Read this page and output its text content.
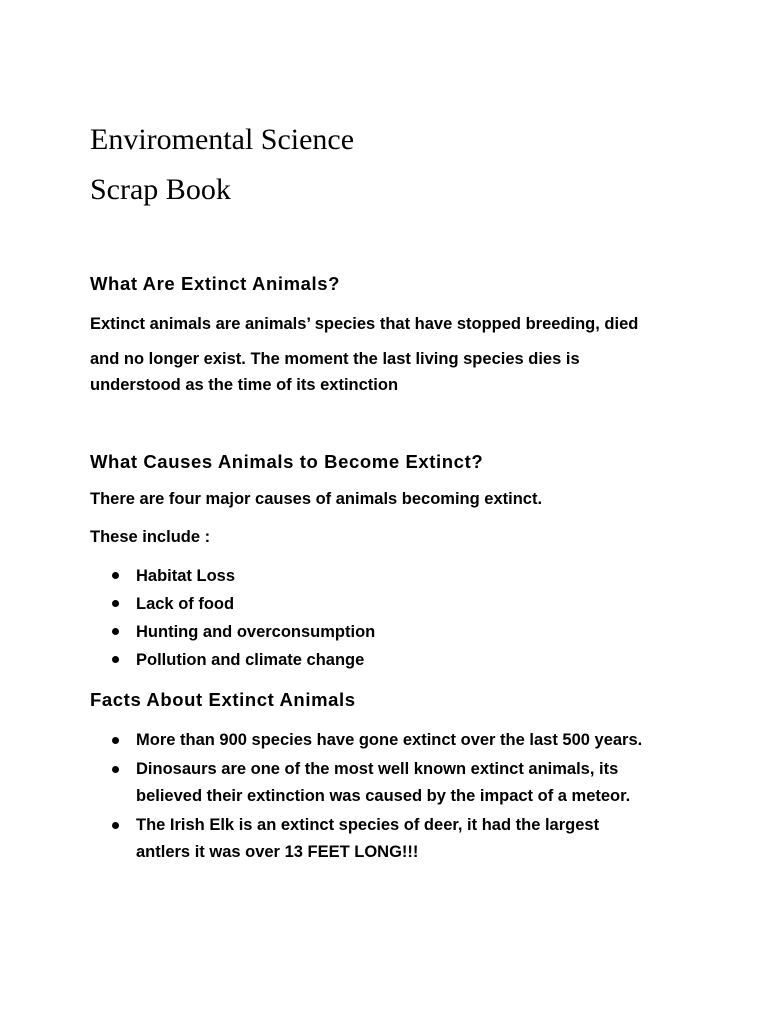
Enviromental Science
Scrap Book
What Are Extinct Animals?
Extinct animals are animals’ species that have stopped breeding, died
and no longer exist. The moment the last living species dies is
understood as the time of its extinction
What Causes Animals to Become Extinct?
There are four major causes of animals becoming extinct.
These include :
Habitat Loss
Lack of food
Hunting and overconsumption
Pollution and climate change
Facts About Extinct Animals
More than 900 species have gone extinct over the last 500 years.
Dinosaurs are one of the most well known extinct animals, its
believed their extinction was caused by the impact of a meteor.
The Irish Elk is an extinct species of deer, it had the largest
antlers it was over 13 FEET LONG!!!
